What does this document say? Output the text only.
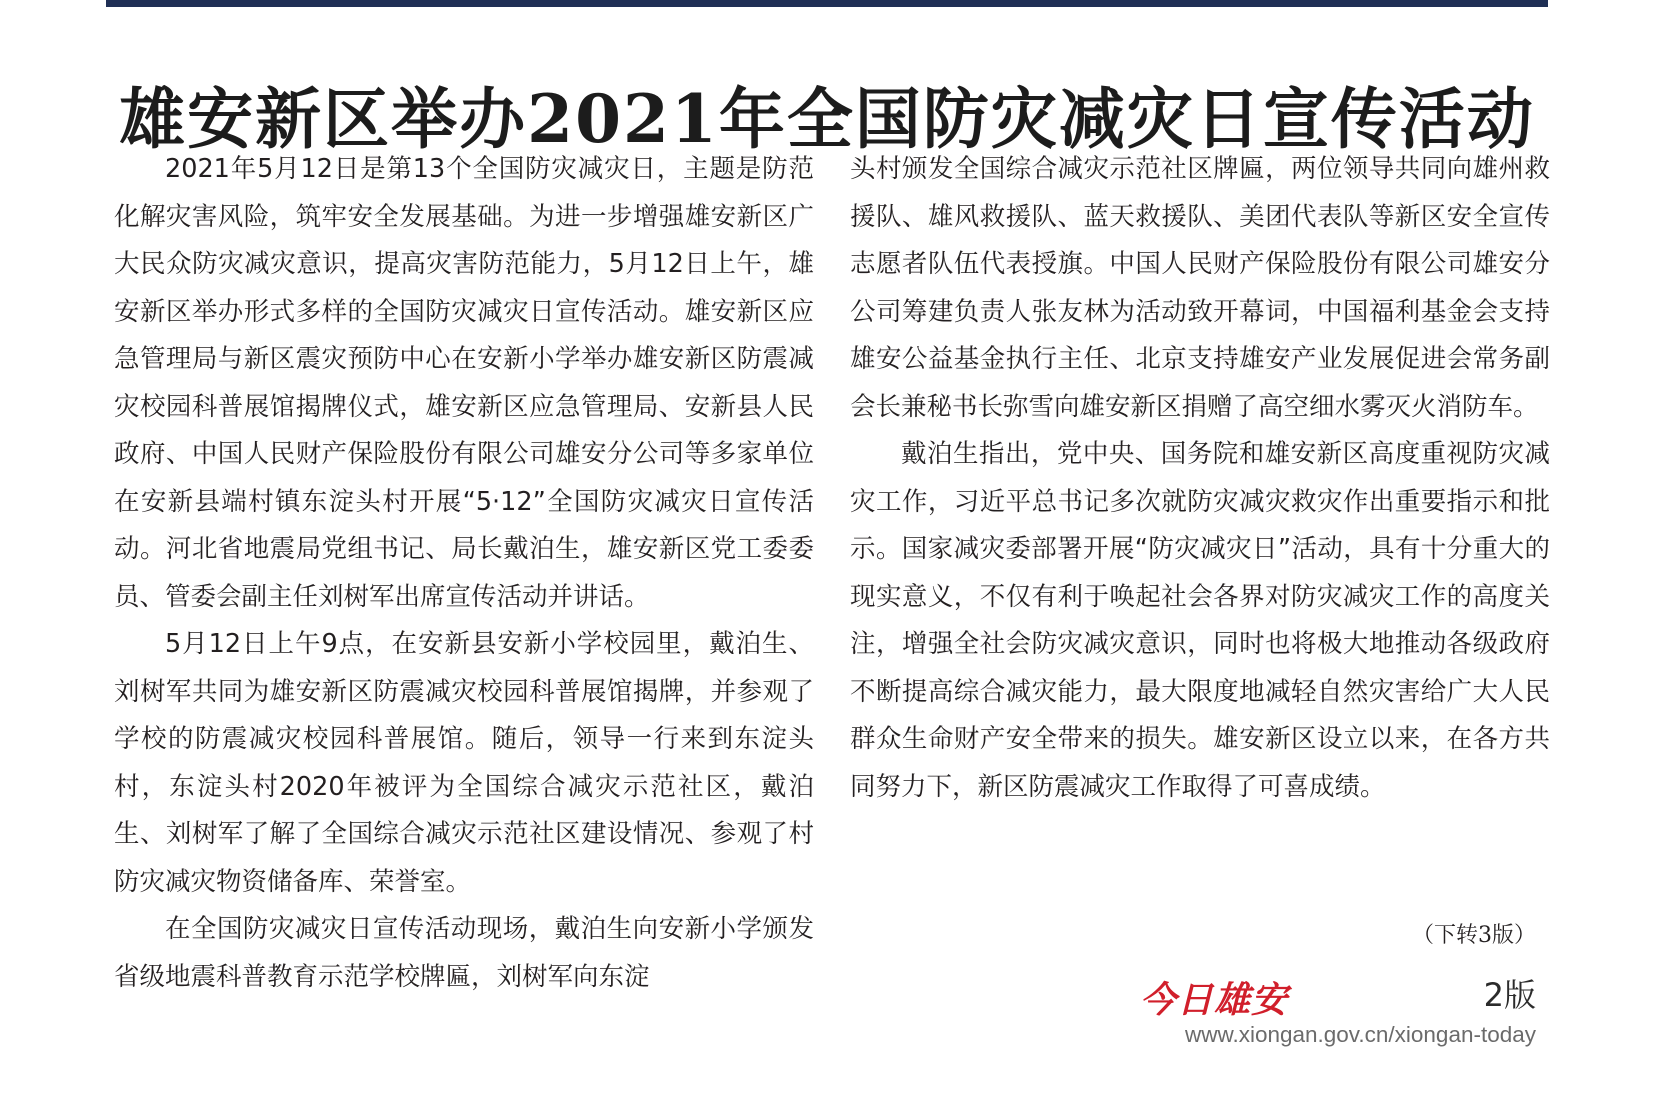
雄安新区举办2021年全国防灾减灾日宣传活动

2021年5月12日是第13个全国防灾减灾日，主题是防范化解灾害风险，筑牢安全发展基础。为进一步增强雄安新区广大民众防灾减灾意识，提高灾害防范能力，5月12日上午，雄安新区举办形式多样的全国防灾减灾日宣传活动。雄安新区应急管理局与新区震灾预防中心在安新小学举办雄安新区防震减灾校园科普展馆揭牌仪式，雄安新区应急管理局、安新县人民政府、中国人民财产保险股份有限公司雄安分公司等多家单位在安新县端村镇东淀头村开展“5·12”全国防灾减灾日宣传活动。河北省地震局党组书记、局长戴泊生，雄安新区党工委委员、管委会副主任刘树军出席宣传活动并讲话。

5月12日上午9点，在安新县安新小学校园里，戴泊生、刘树军共同为雄安新区防震减灾校园科普展馆揭牌，并参观了学校的防震减灾校园科普展馆。随后，领导一行来到东淀头村，东淀头村2020年被评为全国综合减灾示范社区，戴泊生、刘树军了解了全国综合减灾示范社区建设情况、参观了村防灾减灾物资储备库、荣誉室。

在全国防灾减灾日宣传活动现场，戴泊生向安新小学颁发省级地震科普教育示范学校牌匾，刘树军向东淀

头村颁发全国综合减灾示范社区牌匾，两位领导共同向雄州救援队、雄风救援队、蓝天救援队、美团代表队等新区安全宣传志愿者队伍代表授旗。中国人民财产保险股份有限公司雄安分公司筹建负责人张友林为活动致开幕词，中国福利基金会支持雄安公益基金执行主任、北京支持雄安产业发展促进会常务副会长兼秘书长弥雪向雄安新区捐赠了高空细水雾灭火消防车。

戴泊生指出，党中央、国务院和雄安新区高度重视防灾减灾工作，习近平总书记多次就防灾减灾救灾作出重要指示和批示。国家减灾委部署开展“防灾减灾日”活动，具有十分重大的现实意义，不仅有利于唤起社会各界对防灾减灾工作的高度关注，增强全社会防灾减灾意识，同时也将极大地推动各级政府不断提高综合减灾能力，最大限度地减轻自然灾害给广大人民群众生命财产安全带来的损失。雄安新区设立以来，在各方共同努力下，新区防震减灾工作取得了可喜成绩。

（下转3版）
今日雄安	2版
www.xiongan.gov.cn/xiongan-today
